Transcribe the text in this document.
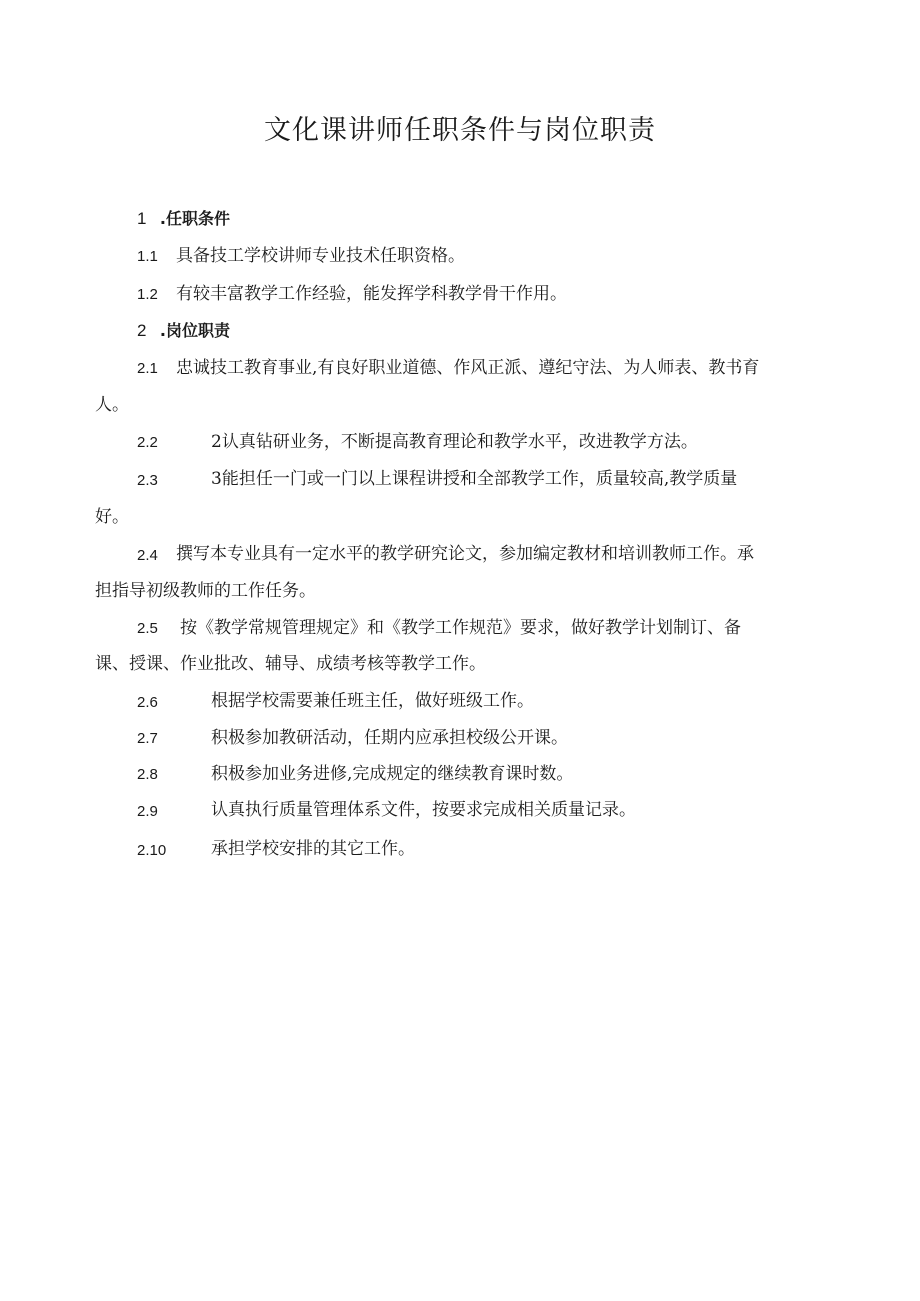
文化课讲师任职条件与岗位职责
1 .任职条件
1.1 具备技工学校讲师专业技术任职资格。
1.2 有较丰富教学工作经验，能发挥学科教学骨干作用。
2 .岗位职责
2.1 忠诚技工教育事业,有良好职业道德、作风正派、遵纪守法、为人师表、教书育
人。
2.2	2认真钻研业务，不断提高教育理论和教学水平，改进教学方法。
2.3	3能担任一门或一门以上课程讲授和全部教学工作，质量较高,教学质量
好。
2.4 撰写本专业具有一定水平的教学研究论文，参加编定教材和培训教师工作。承
担指导初级教师的工作任务。
2.5 按《教学常规管理规定》和《教学工作规范》要求，做好教学计划制订、备
课、授课、作业批改、辅导、成绩考核等教学工作。
2.6	根据学校需要兼任班主任，做好班级工作。
2.7	积极参加教研活动，任期内应承担校级公开课。
2.8	积极参加业务进修,完成规定的继续教育课时数。
2.9	认真执行质量管理体系文件，按要求完成相关质量记录。
2.10	承担学校安排的其它工作。
